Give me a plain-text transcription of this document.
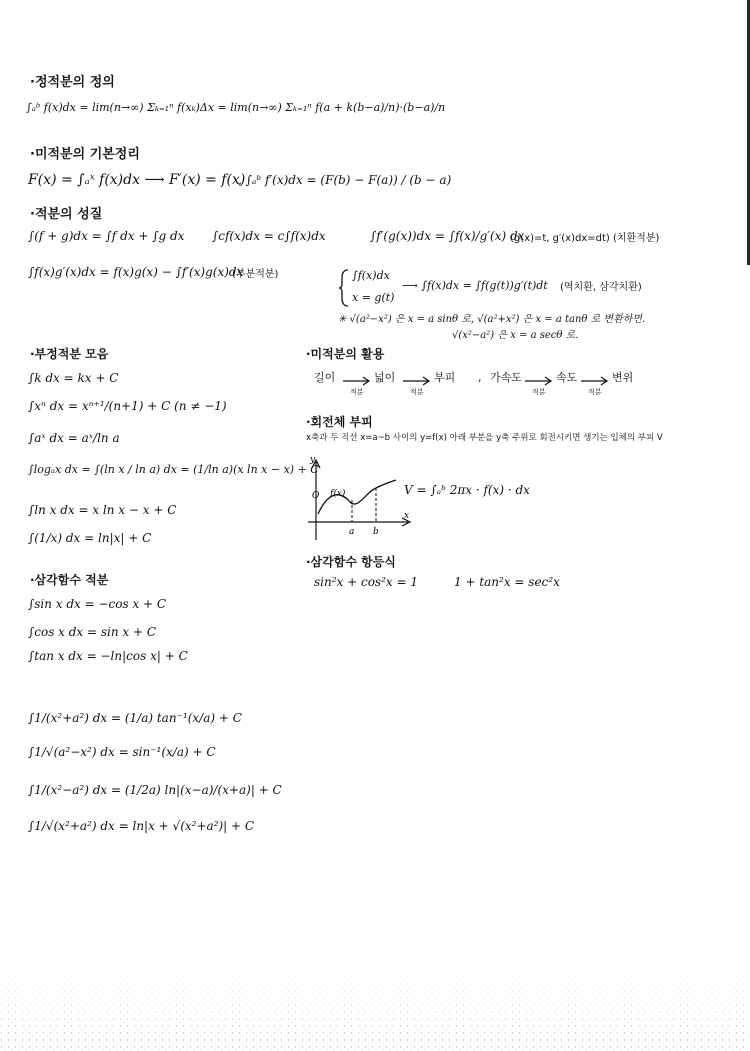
·정적분의 정의
∫ₐᵇ f(x)dx = lim(n→∞) Σₖ₌₁ⁿ f(xₖ)Δx = lim(n→∞) Σₖ₌₁ⁿ f(a + k(b−a)/n)·(b−a)/n
·미적분의 기본정리
F(x) = ∫ₐˣ f(x)dx ⟶ F′(x) = f(x)
, ∫ₐᵇ f′(x)dx = (F(b) − F(a)) / (b − a)
·적분의 성질
∫(f + g)dx = ∫f dx + ∫g dx ∫cf(x)dx = c∫f(x)dx	∫f′(g(x))dx = ∫f(x)/g′(x) dx
(g(x)=t, g′(x)dx=dt) (치환적분)
∫f(x)g′(x)dx = f(x)g(x) − ∫f′(x)g(x)dx
(부분적분)	∫f(x)dx
x = g(t)
⟶ ∫f(x)dx = ∫f(g(t))g′(t)dt (역치환, 삼각치환)
✳ √(a²−x²) 은 x = a sinθ 로, √(a²+x²) 은 x = a tanθ 로 변환하면.
√(x²−a²) 은 x = a secθ 로.
·부정적분 모음
∫k dx = kx + C
∫xⁿ dx = xⁿ⁺¹/(n+1) + C (n ≠ −1)
∫aˣ dx = aˣ/ln a
∫logₐx dx = ∫(ln x / ln a) dx = (1/ln a)(x ln x − x) + C
∫ln x dx = x ln x − x + C
∫(1/x) dx = ln|x| + C
·삼각함수 적분
∫sin x dx = −cos x + C
∫cos x dx = sin x + C
∫tan x dx = −ln|cos x| + C
∫1/(x²+a²) dx = (1/a) tan⁻¹(x/a) + C
∫1/√(a²−x²) dx = sin⁻¹(x/a) + C
∫1/(x²−a²) dx = (1/2a) ln|(x−a)/(x+a)| + C
∫1/√(x²+a²) dx = ln|x + √(x²+a²)| + C
·미적분의 활용
길이
적분
넓이
적분
부피 , 가속도
적분
속도
적분
변위
·회전체 부피
x축과 두 직선 x=a~b 사이의 y=f(x) 아래 부분을 y축 주위로 회전시키면 생기는 입체의 부피 V
y
x
f(x)
a b
O	V = ∫ₐᵇ 2πx · f(x) · dx
·삼각함수 항등식
sin²x + cos²x = 1	1 + tan²x = sec²x
